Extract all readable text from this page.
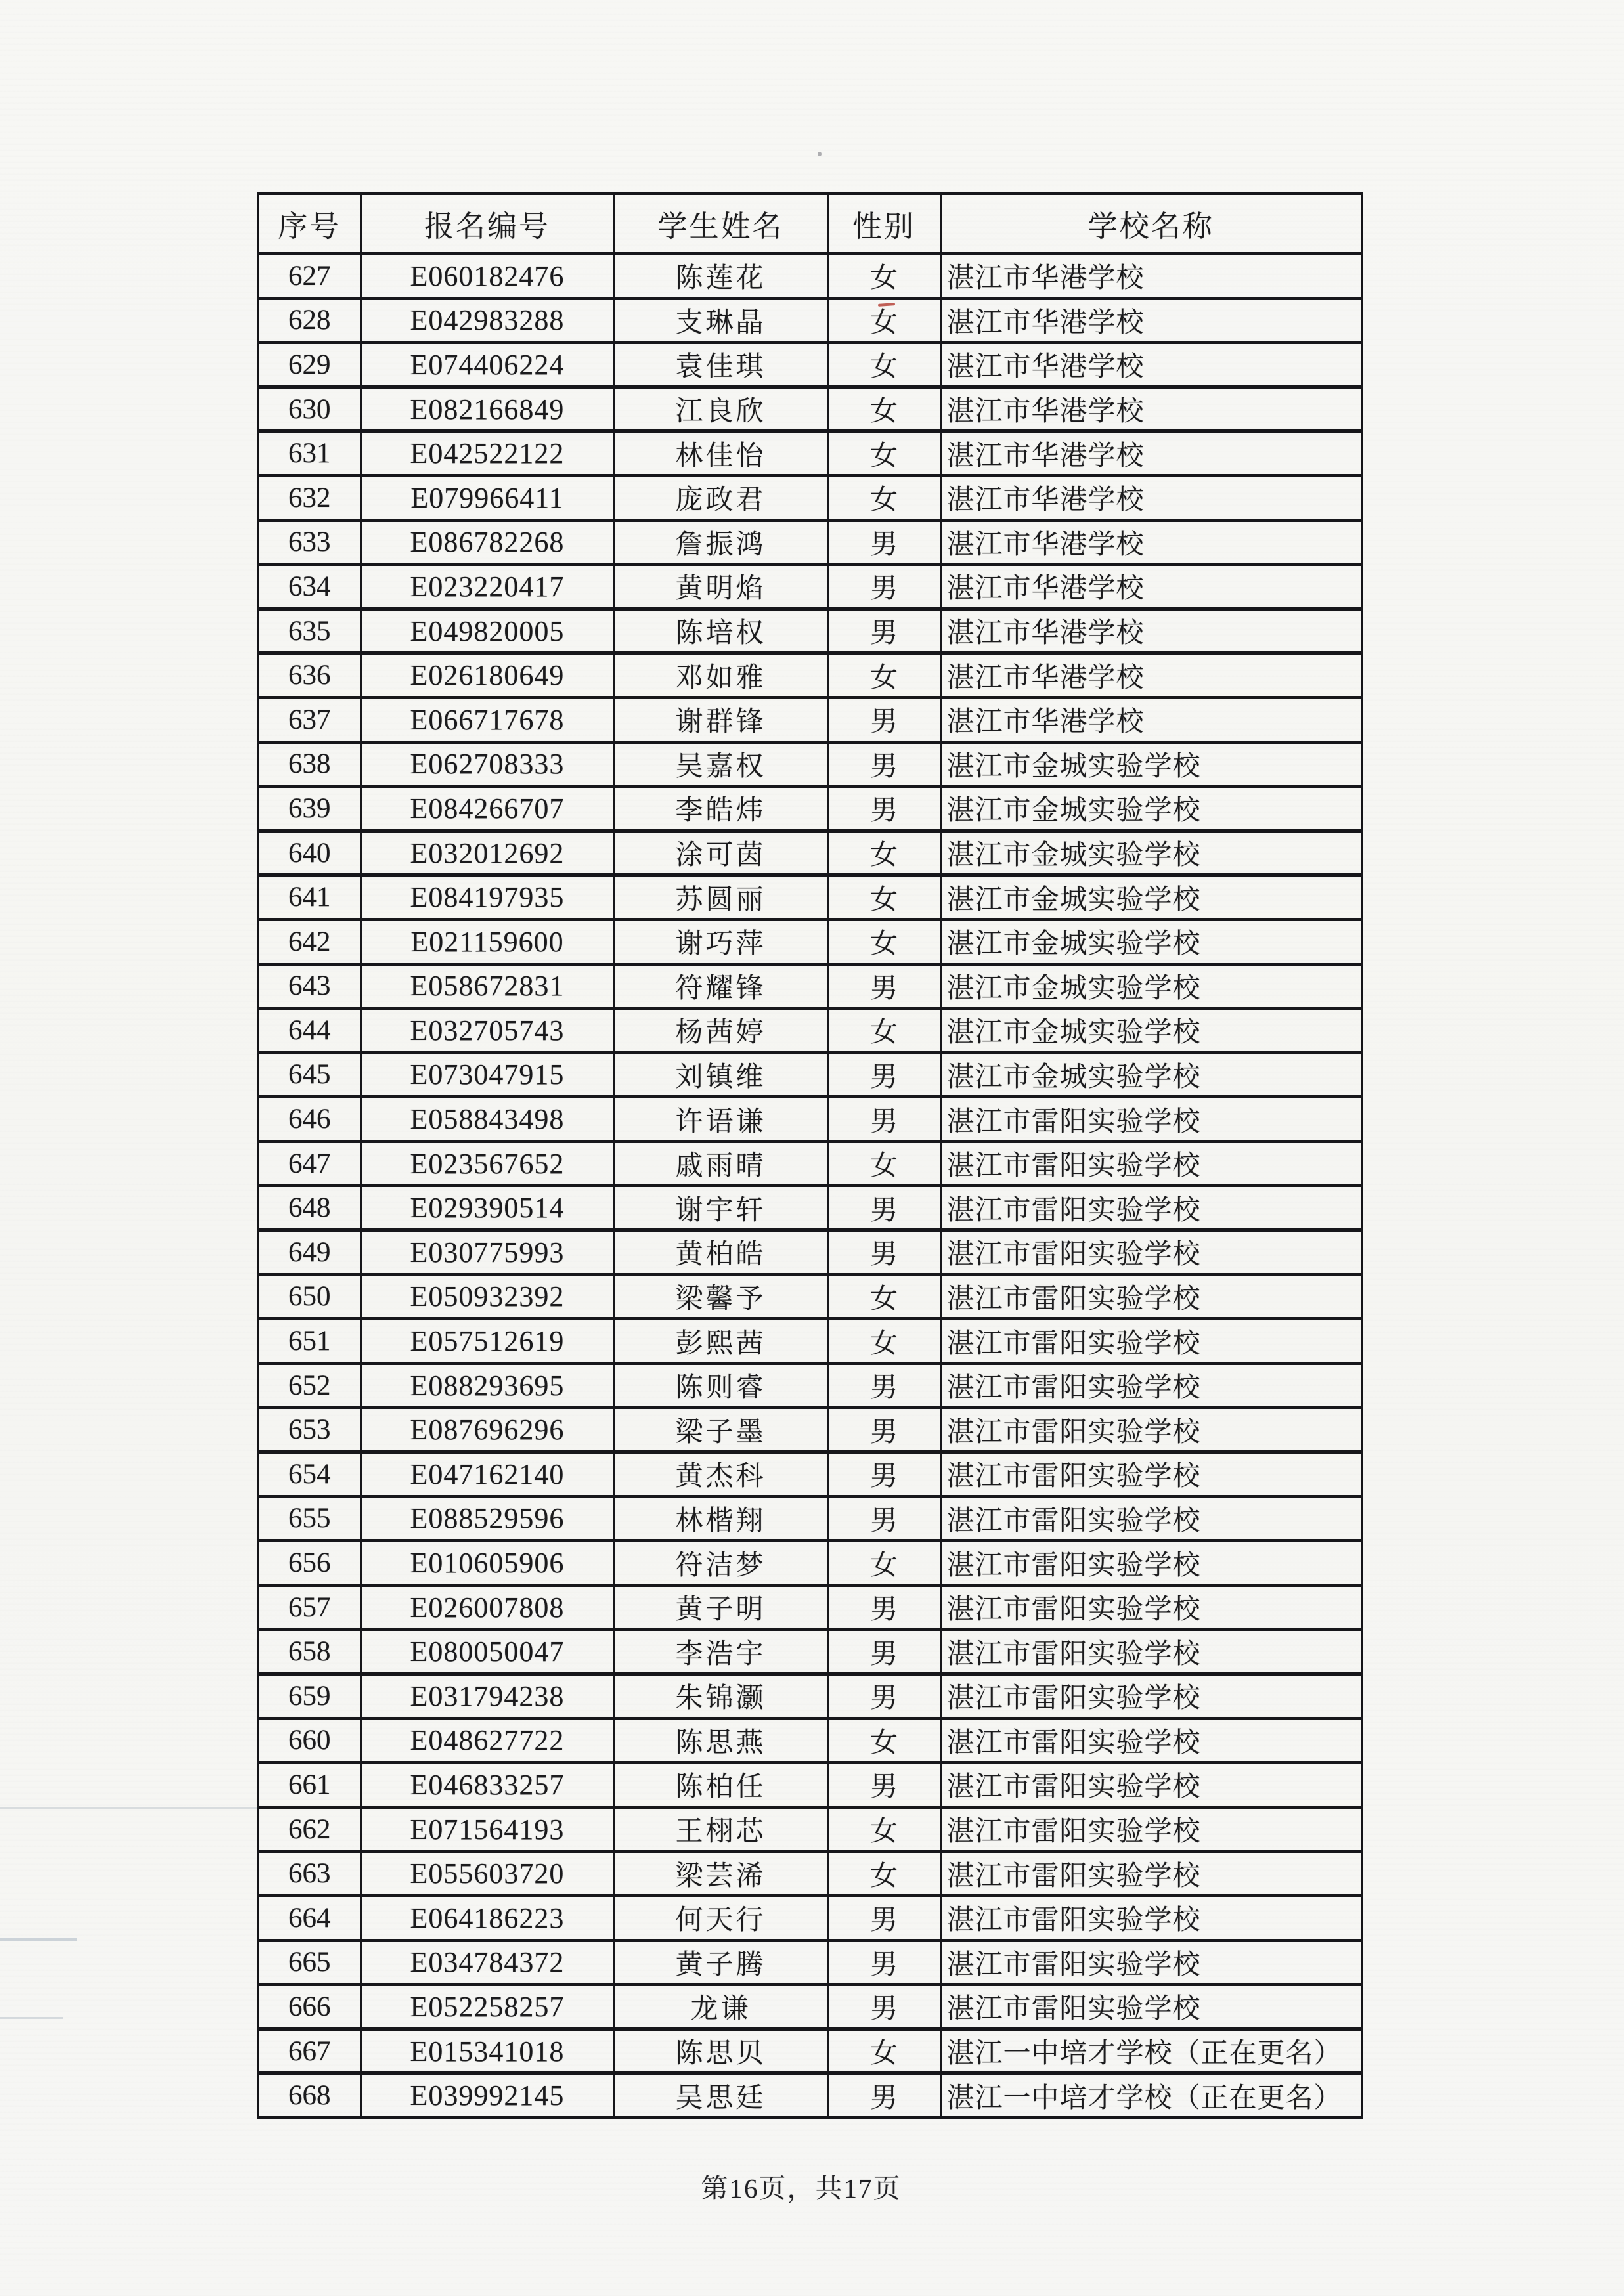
序号	报名编号	学生姓名	性别	学校名称
627	E060182476	陈莲花	女	湛江市华港学校
628	E042983288	支琳晶	女	湛江市华港学校
629	E074406224	袁佳琪	女	湛江市华港学校
630	E082166849	江良欣	女	湛江市华港学校
631	E042522122	林佳怡	女	湛江市华港学校
632	E079966411	庞政君	女	湛江市华港学校
633	E086782268	詹振鸿	男	湛江市华港学校
634	E023220417	黄明焰	男	湛江市华港学校
635	E049820005	陈培权	男	湛江市华港学校
636	E026180649	邓如雅	女	湛江市华港学校
637	E066717678	谢群锋	男	湛江市华港学校
638	E062708333	吴嘉权	男	湛江市金城实验学校
639	E084266707	李皓炜	男	湛江市金城实验学校
640	E032012692	涂可茵	女	湛江市金城实验学校
641	E084197935	苏圆丽	女	湛江市金城实验学校
642	E021159600	谢巧萍	女	湛江市金城实验学校
643	E058672831	符耀锋	男	湛江市金城实验学校
644	E032705743	杨茜婷	女	湛江市金城实验学校
645	E073047915	刘镇维	男	湛江市金城实验学校
646	E058843498	许语谦	男	湛江市雷阳实验学校
647	E023567652	戚雨晴	女	湛江市雷阳实验学校
648	E029390514	谢宇轩	男	湛江市雷阳实验学校
649	E030775993	黄柏皓	男	湛江市雷阳实验学校
650	E050932392	梁馨予	女	湛江市雷阳实验学校
651	E057512619	彭熙茜	女	湛江市雷阳实验学校
652	E088293695	陈则睿	男	湛江市雷阳实验学校
653	E087696296	梁子墨	男	湛江市雷阳实验学校
654	E047162140	黄杰科	男	湛江市雷阳实验学校
655	E088529596	林楷翔	男	湛江市雷阳实验学校
656	E010605906	符洁梦	女	湛江市雷阳实验学校
657	E026007808	黄子明	男	湛江市雷阳实验学校
658	E080050047	李浩宇	男	湛江市雷阳实验学校
659	E031794238	朱锦灏	男	湛江市雷阳实验学校
660	E048627722	陈思燕	女	湛江市雷阳实验学校
661	E046833257	陈柏任	男	湛江市雷阳实验学校
662	E071564193	王栩芯	女	湛江市雷阳实验学校
663	E055603720	梁芸浠	女	湛江市雷阳实验学校
664	E064186223	何天行	男	湛江市雷阳实验学校
665	E034784372	黄子腾	男	湛江市雷阳实验学校
666	E052258257	龙谦	男	湛江市雷阳实验学校
667	E015341018	陈思贝	女	湛江一中培才学校（正在更名）
668	E039992145	吴思廷	男	湛江一中培才学校（正在更名）
第16页，共17页
